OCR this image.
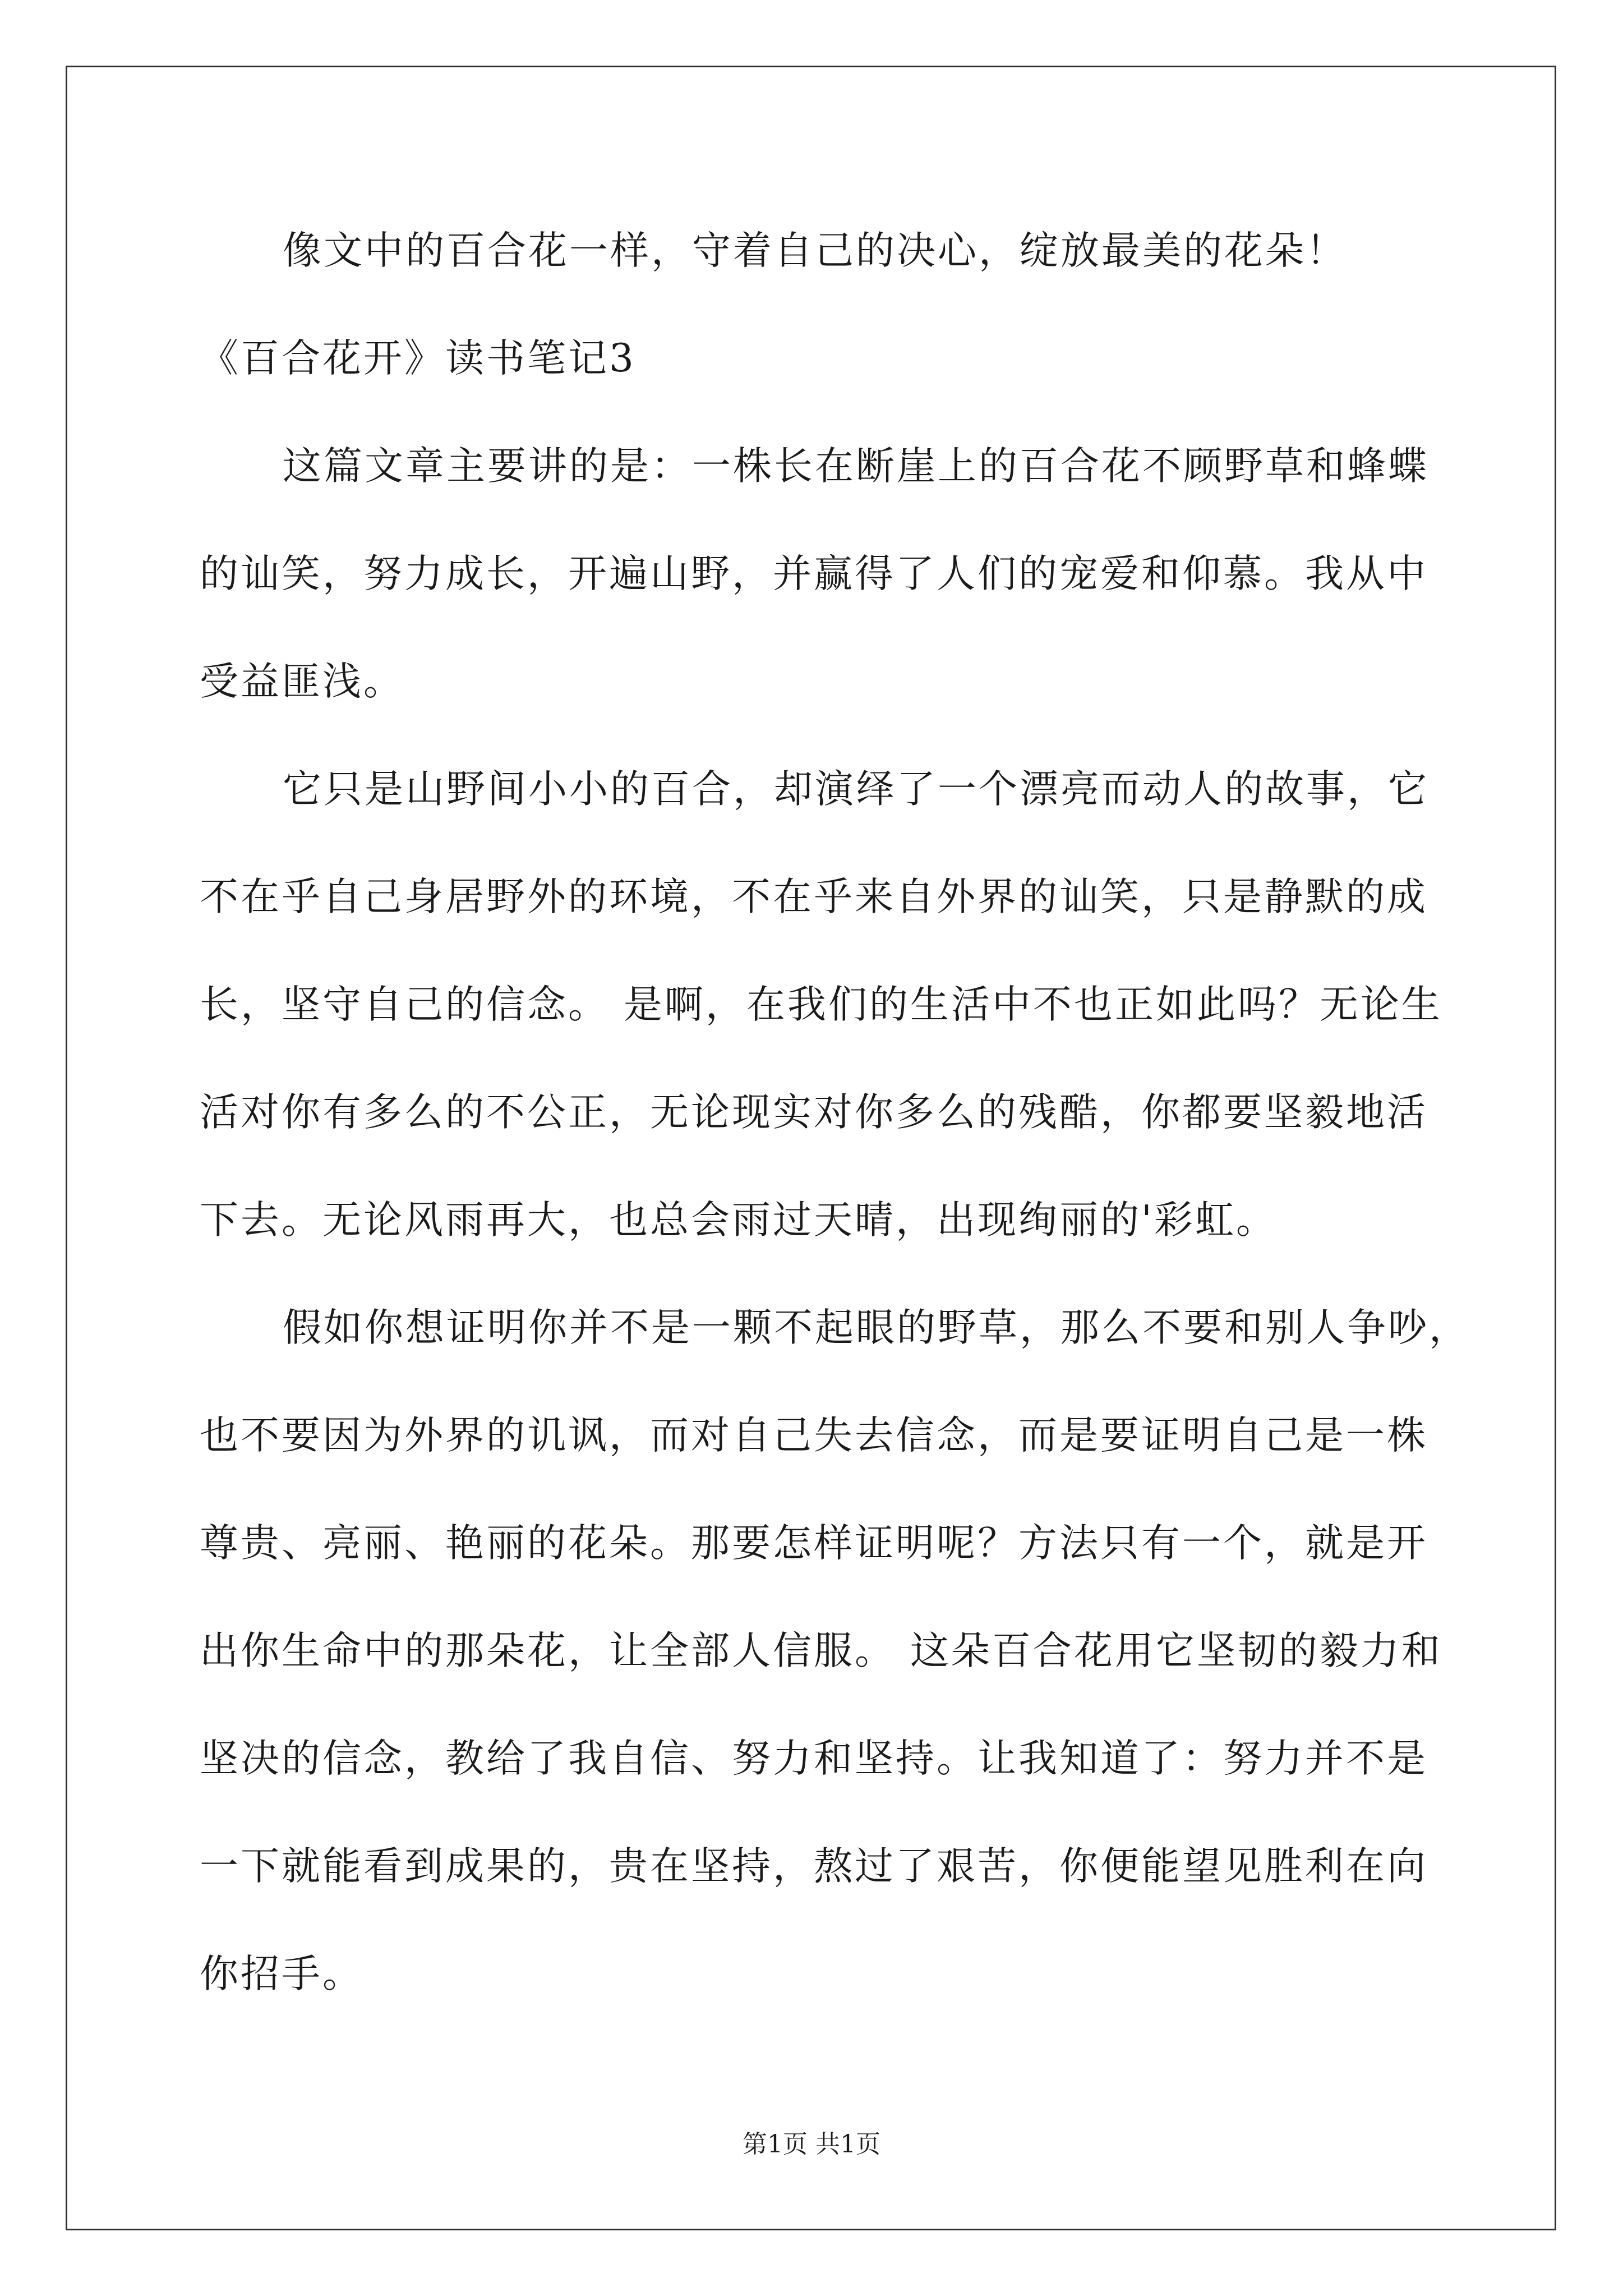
像文中的百合花一样，守着自己的决心，绽放最美的花朵！
《百合花开》读书笔记3
这篇文章主要讲的是：一株长在断崖上的百合花不顾野草和蜂蝶
的讪笑，努力成长，开遍山野，并赢得了人们的宠爱和仰慕。我从中
受益匪浅。
它只是山野间小小的百合，却演绎了一个漂亮而动人的故事，它
不在乎自己身居野外的环境，不在乎来自外界的讪笑，只是静默的成
长，坚守自己的信念。 是啊，在我们的生活中不也正如此吗？无论生
活对你有多么的不公正，无论现实对你多么的残酷，你都要坚毅地活
下去。无论风雨再大，也总会雨过天晴，出现绚丽的'彩虹。
假如你想证明你并不是一颗不起眼的野草，那么不要和别人争吵，
也不要因为外界的讥讽，而对自己失去信念，而是要证明自己是一株
尊贵、亮丽、艳丽的花朵。那要怎样证明呢？方法只有一个，就是开
出你生命中的那朵花，让全部人信服。 这朵百合花用它坚韧的毅力和
坚决的信念，教给了我自信、努力和坚持。让我知道了：努力并不是
一下就能看到成果的，贵在坚持，熬过了艰苦，你便能望见胜利在向
你招手。
第1页 共1页
